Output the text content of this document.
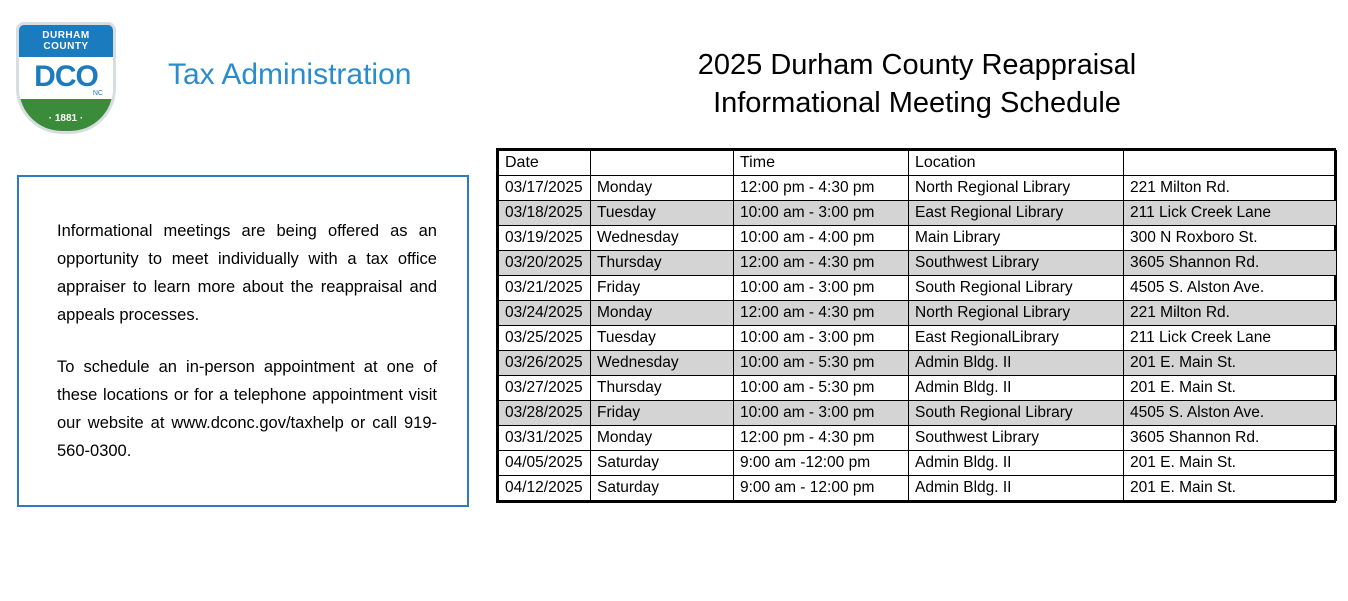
DURHAM
COUNTY
DCO
NC
· 1881 ·
Tax Administration	2025 Durham County Reappraisal
Informational Meeting Schedule

Informational meetings are being offered as an opportunity to meet individually with a tax office appraiser to learn more about the reappraisal and appeals processes.

To schedule an in-person appointment at one of these locations or for a telephone appointment visit our website at www.dconc.gov/taxhelp or call 919-560-0300.

Date		Time	Location	
03/17/2025	Monday	12:00 pm - 4:30 pm	North Regional Library	221 Milton Rd.
03/18/2025	Tuesday	10:00 am - 3:00 pm	East Regional Library	211 Lick Creek Lane
03/19/2025	Wednesday	10:00 am - 4:00 pm	Main Library	300 N Roxboro St.
03/20/2025	Thursday	12:00 am - 4:30 pm	Southwest Library	3605 Shannon Rd.
03/21/2025	Friday	10:00 am - 3:00 pm	South Regional Library	4505 S. Alston Ave.
03/24/2025	Monday	12:00 am - 4:30 pm	North Regional Library	221 Milton Rd.
03/25/2025	Tuesday	10:00 am - 3:00 pm	East RegionalLibrary	211 Lick Creek Lane
03/26/2025	Wednesday	10:00 am - 5:30 pm	Admin Bldg. II	201 E. Main St.
03/27/2025	Thursday	10:00 am - 5:30 pm	Admin Bldg. II	201 E. Main St.
03/28/2025	Friday	10:00 am - 3:00 pm	South Regional Library	4505 S. Alston Ave.
03/31/2025	Monday	12:00 pm - 4:30 pm	Southwest Library	3605 Shannon Rd.
04/05/2025	Saturday	9:00 am -12:00 pm	Admin Bldg. II	201 E. Main St.
04/12/2025	Saturday	9:00 am - 12:00 pm	Admin Bldg. II	201 E. Main St.
